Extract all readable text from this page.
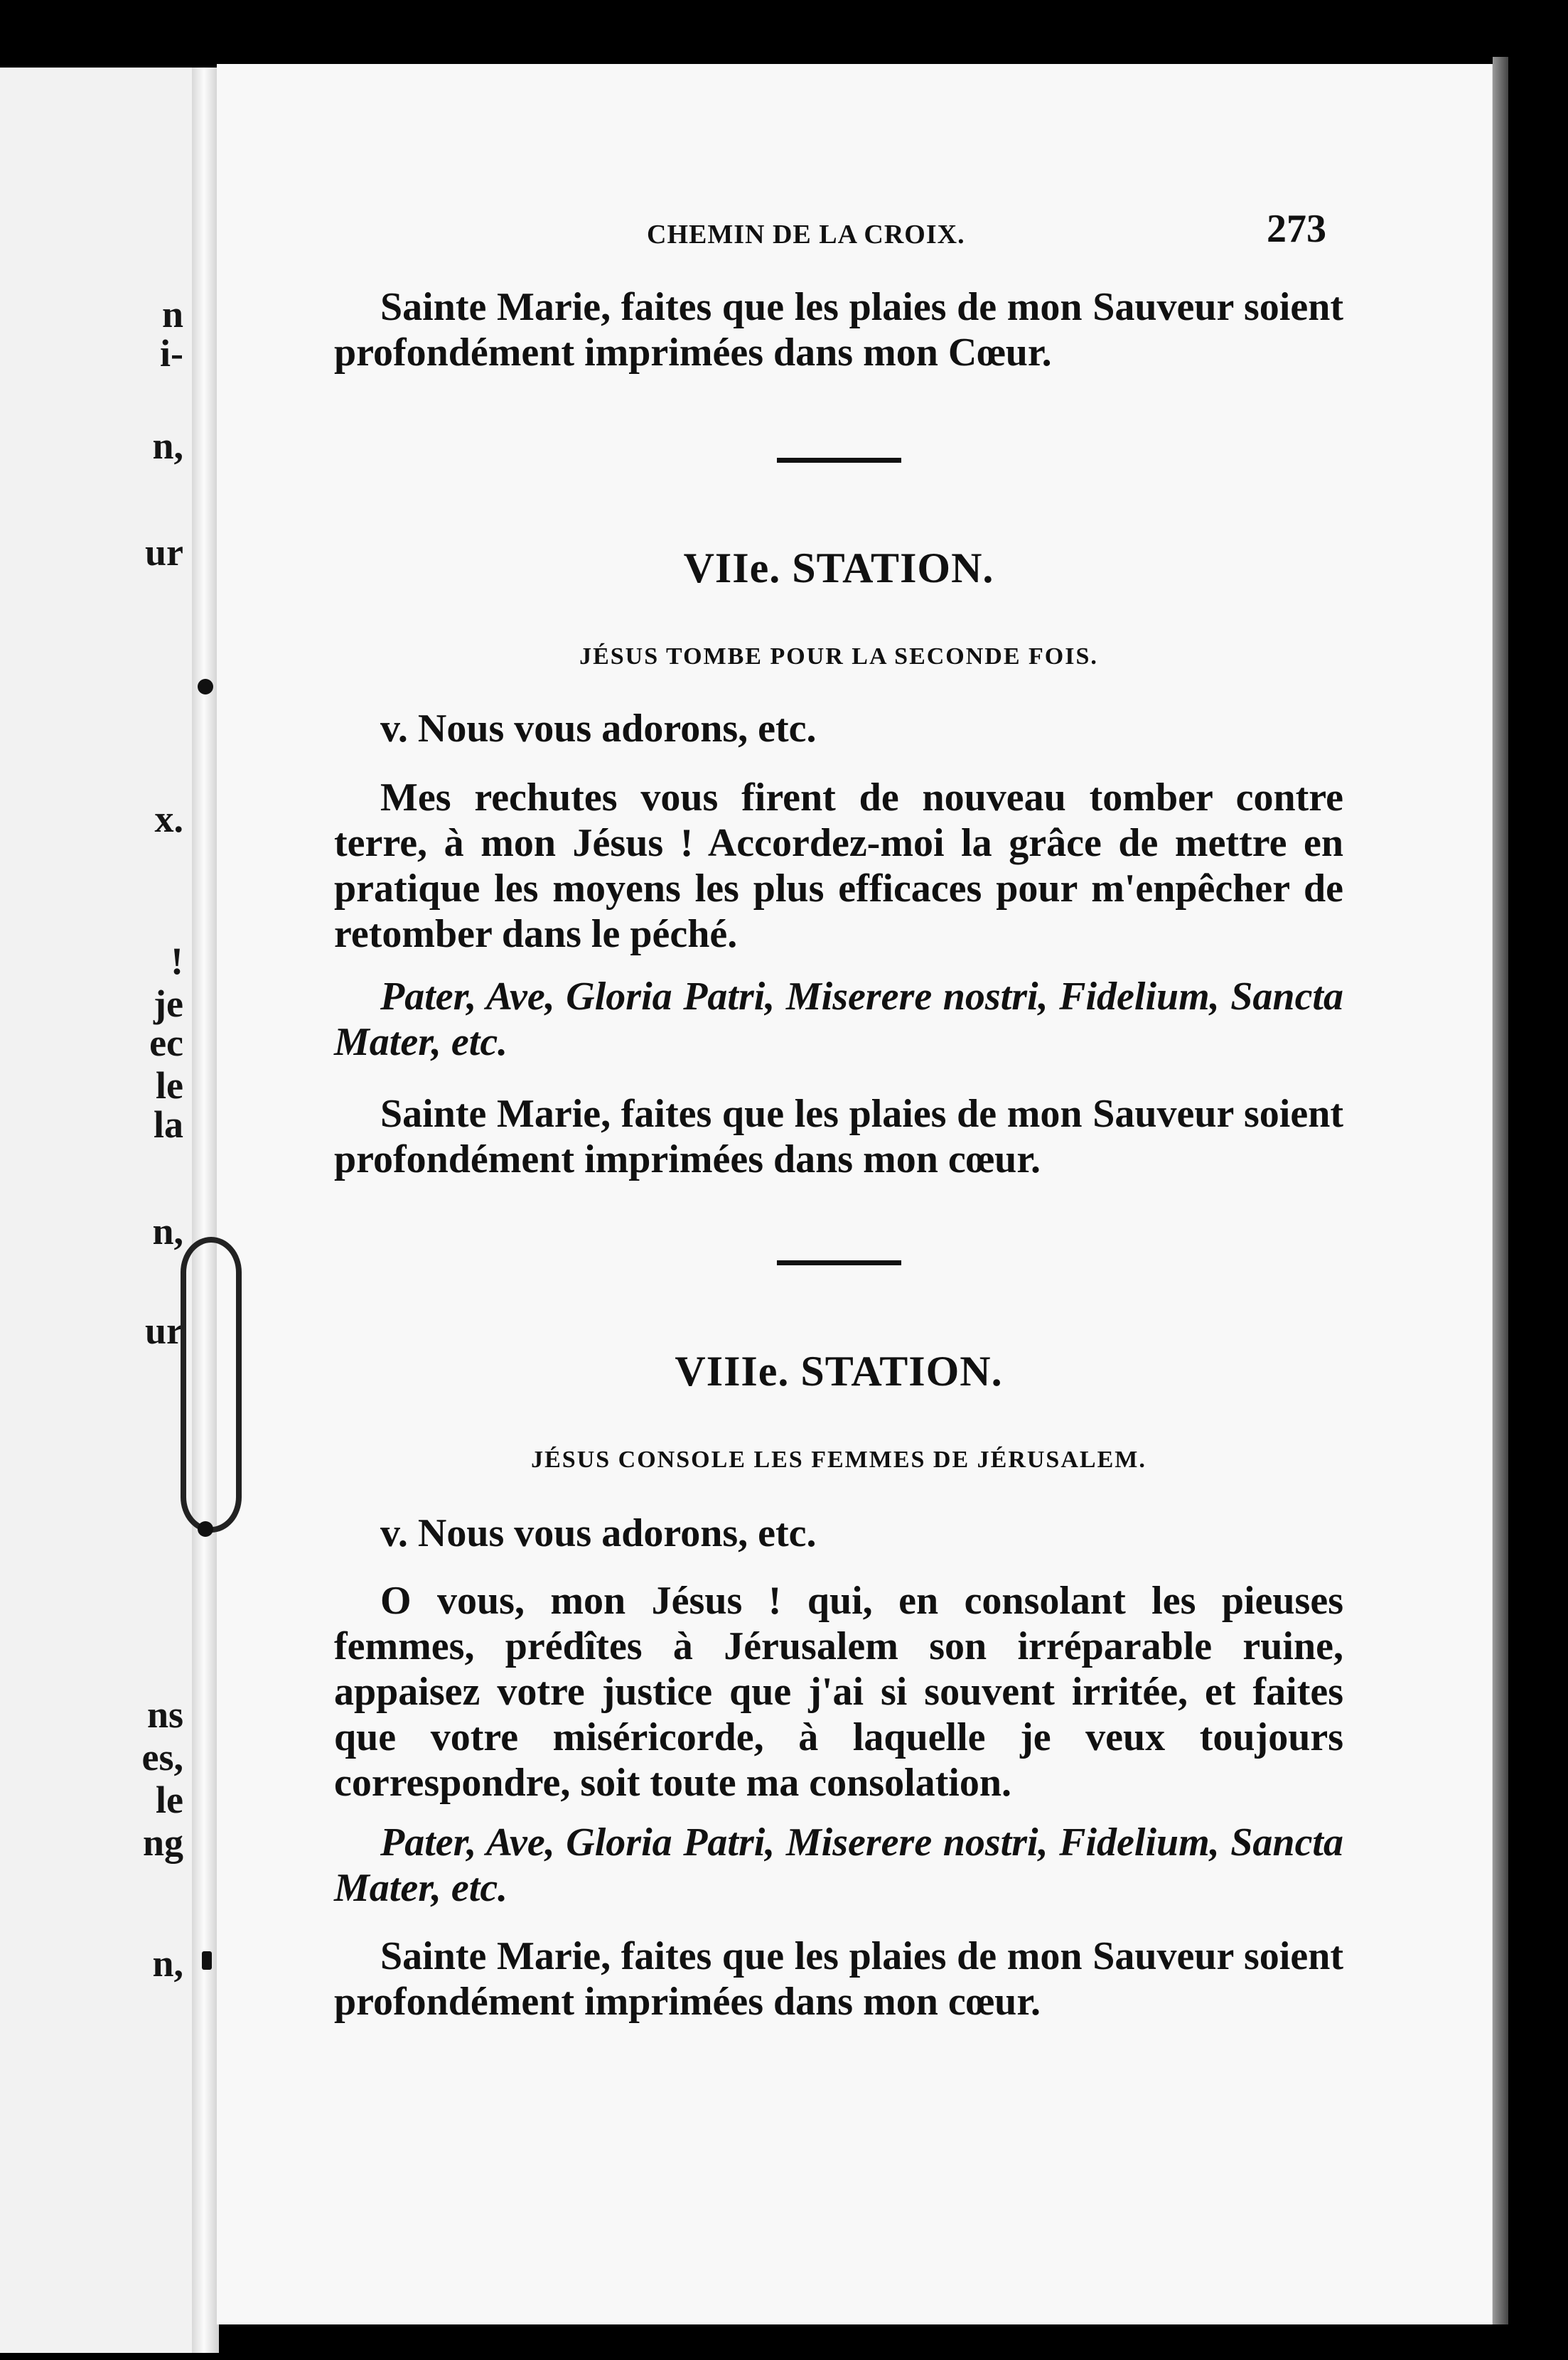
n
i-
n,
ur
x.
!
je
ec
le
la
n,
ur
ns
es,
le
ng
n,
CHEMIN DE LA CROIX.	273
Sainte Marie, faites que les plaies de mon Sauveur soient profondément imprimées dans mon Cœur.
VIIe. STATION.
JÉSUS TOMBE POUR LA SECONDE FOIS.
v. Nous vous adorons, etc.
Mes rechutes vous firent de nouveau tomber contre terre, à mon Jésus ! Accordez-moi la grâce de mettre en pratique les moyens les plus efficaces pour m'enpêcher de retomber dans le péché.
Pater, Ave, Gloria Patri, Miserere nostri, Fidelium, Sancta Mater, etc.
Sainte Marie, faites que les plaies de mon Sauveur soient profondément imprimées dans mon cœur.
VIIIe. STATION.
JÉSUS CONSOLE LES FEMMES DE JÉRUSALEM.
v. Nous vous adorons, etc.
O vous, mon Jésus ! qui, en consolant les pieuses femmes, prédîtes à Jérusalem son irréparable ruine, appaisez votre justice que j'ai si souvent irritée, et faites que votre miséricorde, à laquelle je veux toujours correspondre, soit toute ma consolation.
Pater, Ave, Gloria Patri, Miserere nostri, Fidelium, Sancta Mater, etc.
Sainte Marie, faites que les plaies de mon Sauveur soient profondément imprimées dans mon cœur.
